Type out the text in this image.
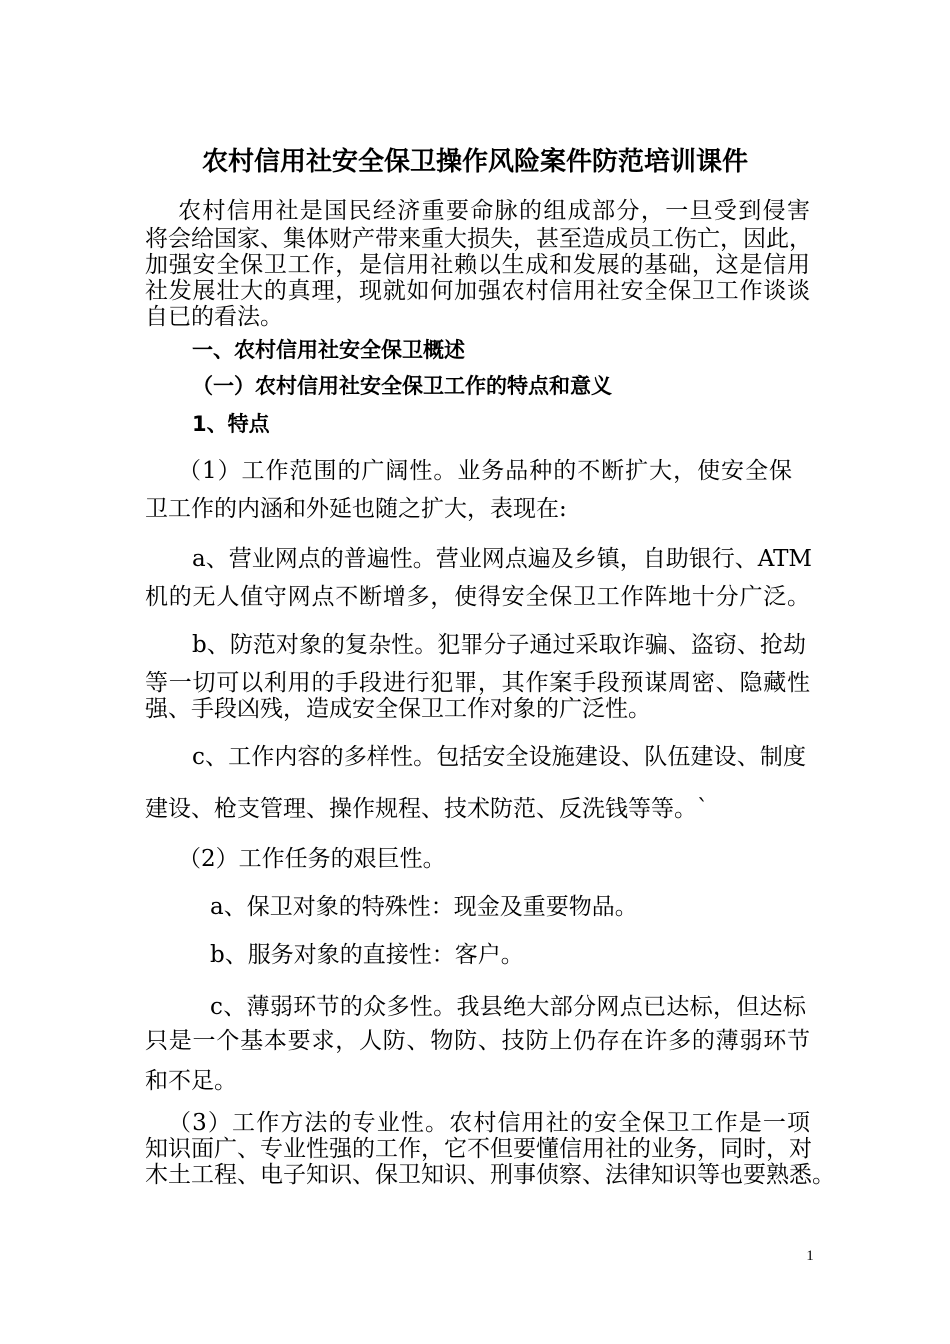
农村信用社安全保卫操作风险案件防范培训课件
农村信用社是国民经济重要命脉的组成部分，一旦受到侵害
将会给国家、集体财产带来重大损失，甚至造成员工伤亡，因此，
加强安全保卫工作，是信用社赖以生成和发展的基础，这是信用
社发展壮大的真理，现就如何加强农村信用社安全保卫工作谈谈
自已的看法。
一、农村信用社安全保卫概述
（一）农村信用社安全保卫工作的特点和意义
1、特点
（1）工作范围的广阔性。业务品种的不断扩大，使安全保
卫工作的内涵和外延也随之扩大，表现在:
a、营业网点的普遍性。营业网点遍及乡镇，自助银行、ATM
机的无人值守网点不断增多，使得安全保卫工作阵地十分广泛。
b、防范对象的复杂性。犯罪分子通过采取诈骗、盗窃、抢劫
等一切可以利用的手段进行犯罪，其作案手段预谋周密、隐藏性
强、手段凶残，造成安全保卫工作对象的广泛性。
c、工作内容的多样性。包括安全设施建设、队伍建设、制度
建设、枪支管理、操作规程、技术防范、反洗钱等等。`
（2）工作任务的艰巨性。
a、保卫对象的特殊性：现金及重要物品。
b、服务对象的直接性：客户。
c、薄弱环节的众多性。我县绝大部分网点已达标，但达标
只是一个基本要求，人防、物防、技防上仍存在许多的薄弱环节
和不足。
（3）工作方法的专业性。农村信用社的安全保卫工作是一项
知识面广、专业性强的工作，它不但要懂信用社的业务，同时，对
木土工程、电子知识、保卫知识、刑事侦察、法律知识等也要熟悉。
1
